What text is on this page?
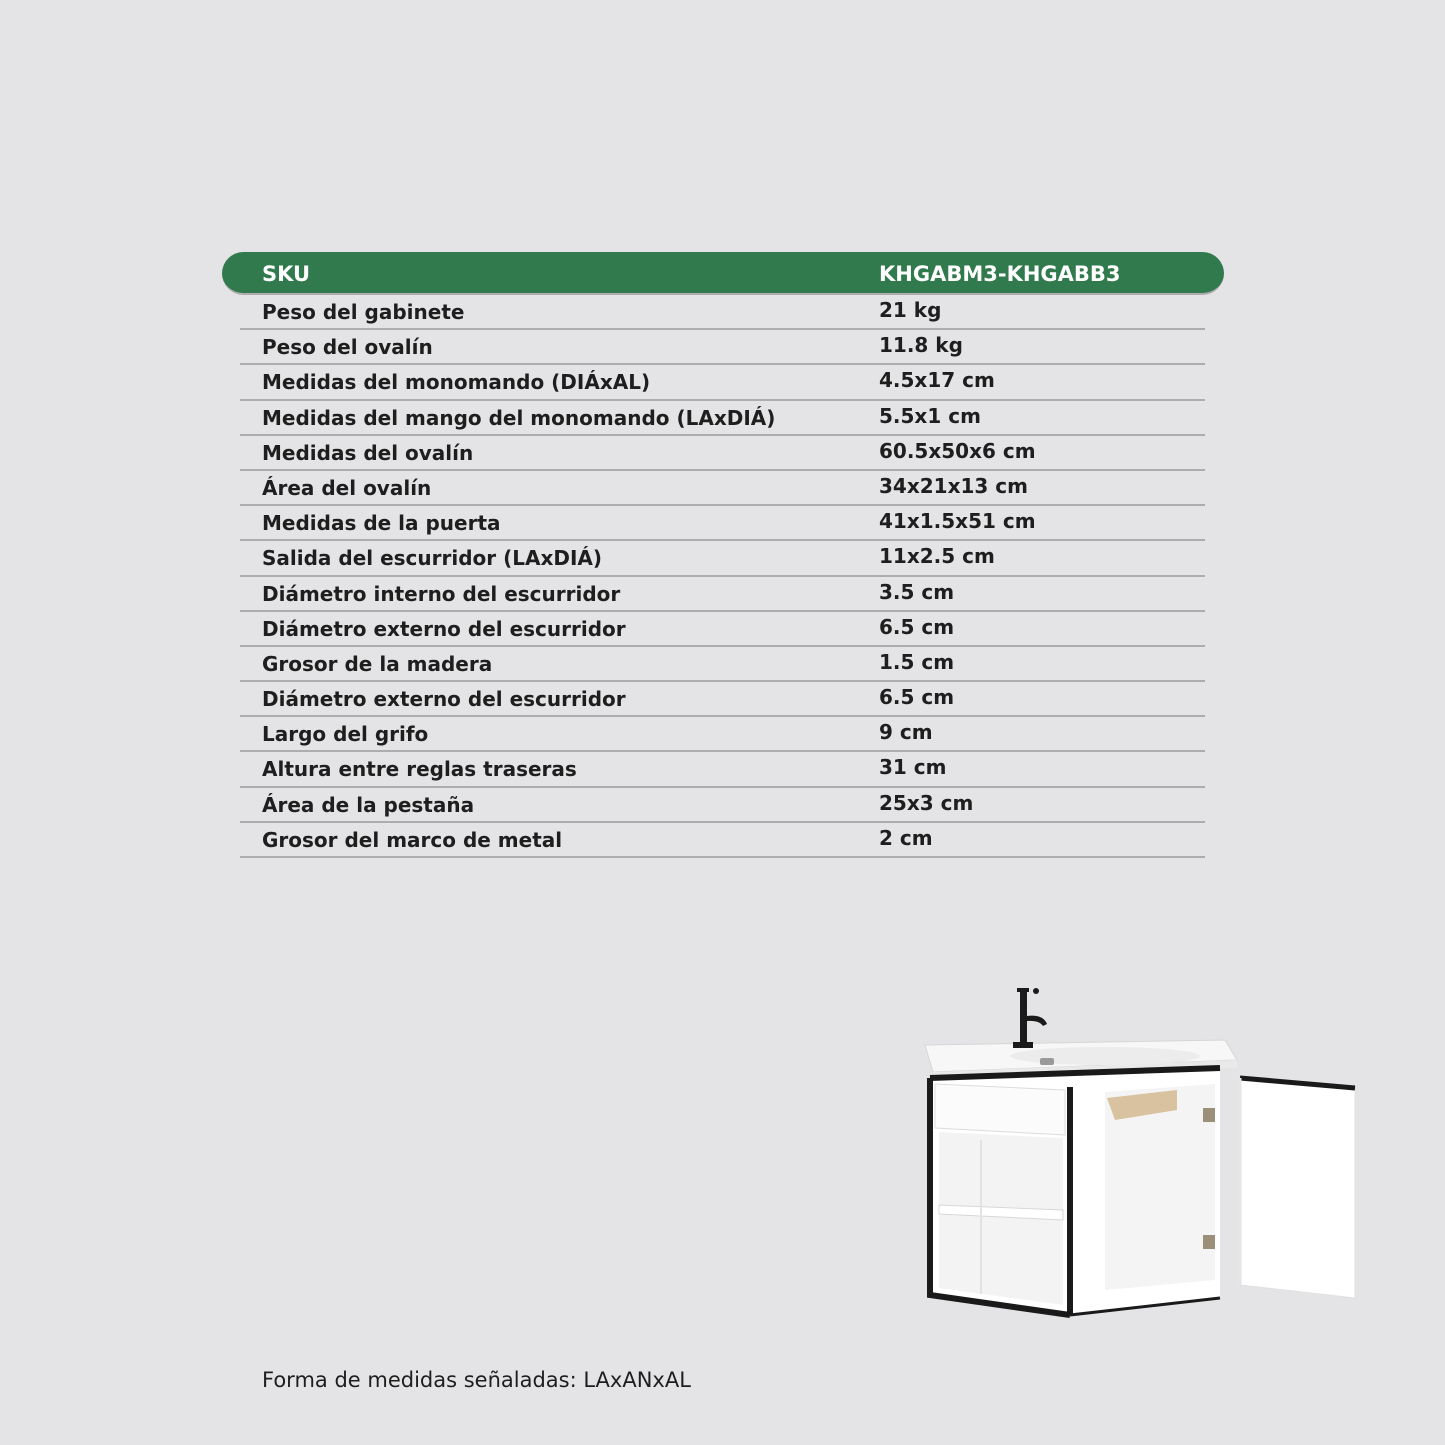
SKU	KHGABM3-KHGABB3
Peso del gabinete	21 kg
Peso del ovalín	11.8 kg
Medidas del monomando (DIÁxAL)	4.5x17 cm
Medidas del mango del monomando (LAxDIÁ)	5.5x1 cm
Medidas del ovalín	60.5x50x6 cm
Área del ovalín	34x21x13 cm
Medidas de la puerta	41x1.5x51 cm
Salida del escurridor (LAxDIÁ)	11x2.5 cm
Diámetro interno del escurridor	3.5 cm
Diámetro externo del escurridor	6.5 cm
Grosor de la madera	1.5 cm
Diámetro externo del escurridor	6.5 cm
Largo del grifo	9 cm
Altura entre reglas traseras	31 cm
Área de la pestaña	25x3 cm
Grosor del marco de metal	2 cm
Forma de medidas señaladas: LAxANxAL
